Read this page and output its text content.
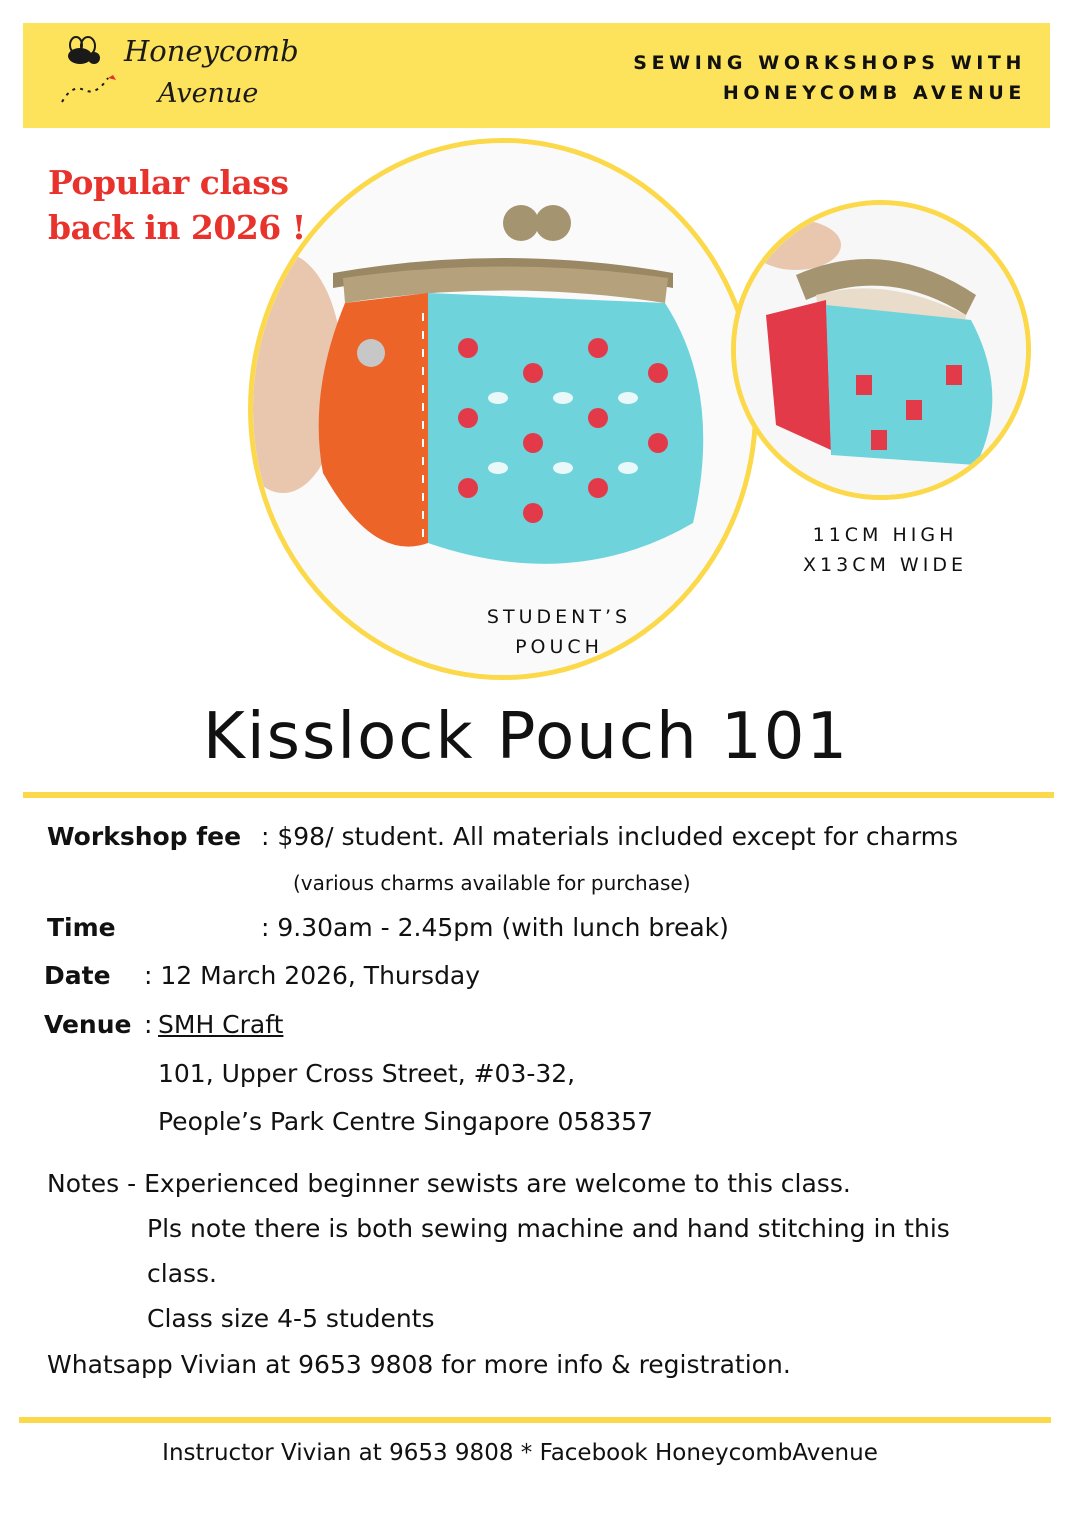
Honeycomb
Avenue
SEWING WORKSHOPS WITH
HONEYCOMB AVENUE
Popular class
back in 2026 !
STUDENT’S
POUCH
11CM HIGH
X13CM WIDE
Kisslock Pouch 101
Workshop fee : $98/ student. All materials included except for charms
(various charms available for purchase)
Time	: 9.30am - 2.45pm (with lunch break)
Date : 12 March 2026, Thursday
Venue : SMH Craft
101, Upper Cross Street, #03-32,
People’s Park Centre Singapore 058357
Notes - Experienced beginner sewists are welcome to this class.
Pls note there is both sewing machine and hand stitching in this
class.
Class size 4-5 students
Whatsapp Vivian at 9653 9808 for more info & registration.
Instructor Vivian at 9653 9808 * Facebook HoneycombAvenue
